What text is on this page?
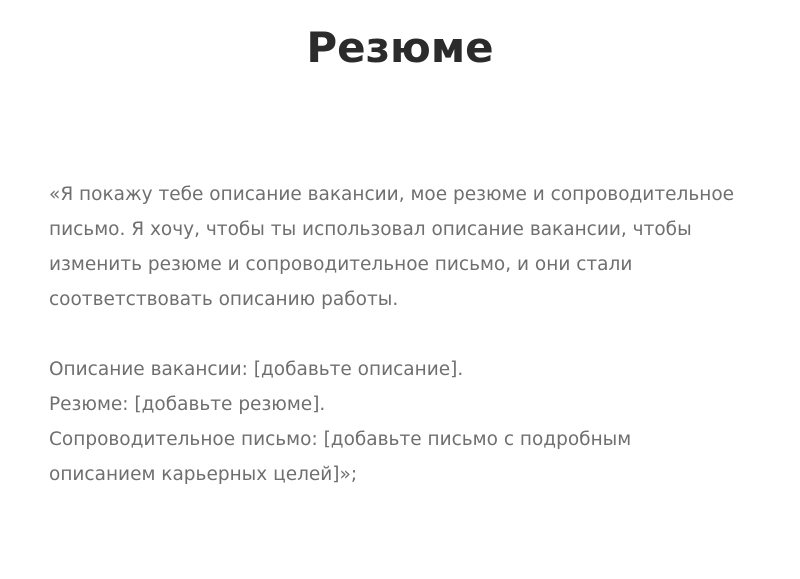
Резюме

«Я покажу тебе описание вакансии, мое резюме и сопроводительное
письмо. Я хочу, чтобы ты использовал описание вакансии, чтобы
изменить резюме и сопроводительное письмо, и они стали
соответствовать описанию работы.

Описание вакансии: [добавьте описание].
Резюме: [добавьте резюме].
Сопроводительное письмо: [добавьте письмо с подробным
описанием карьерных целей]»;
